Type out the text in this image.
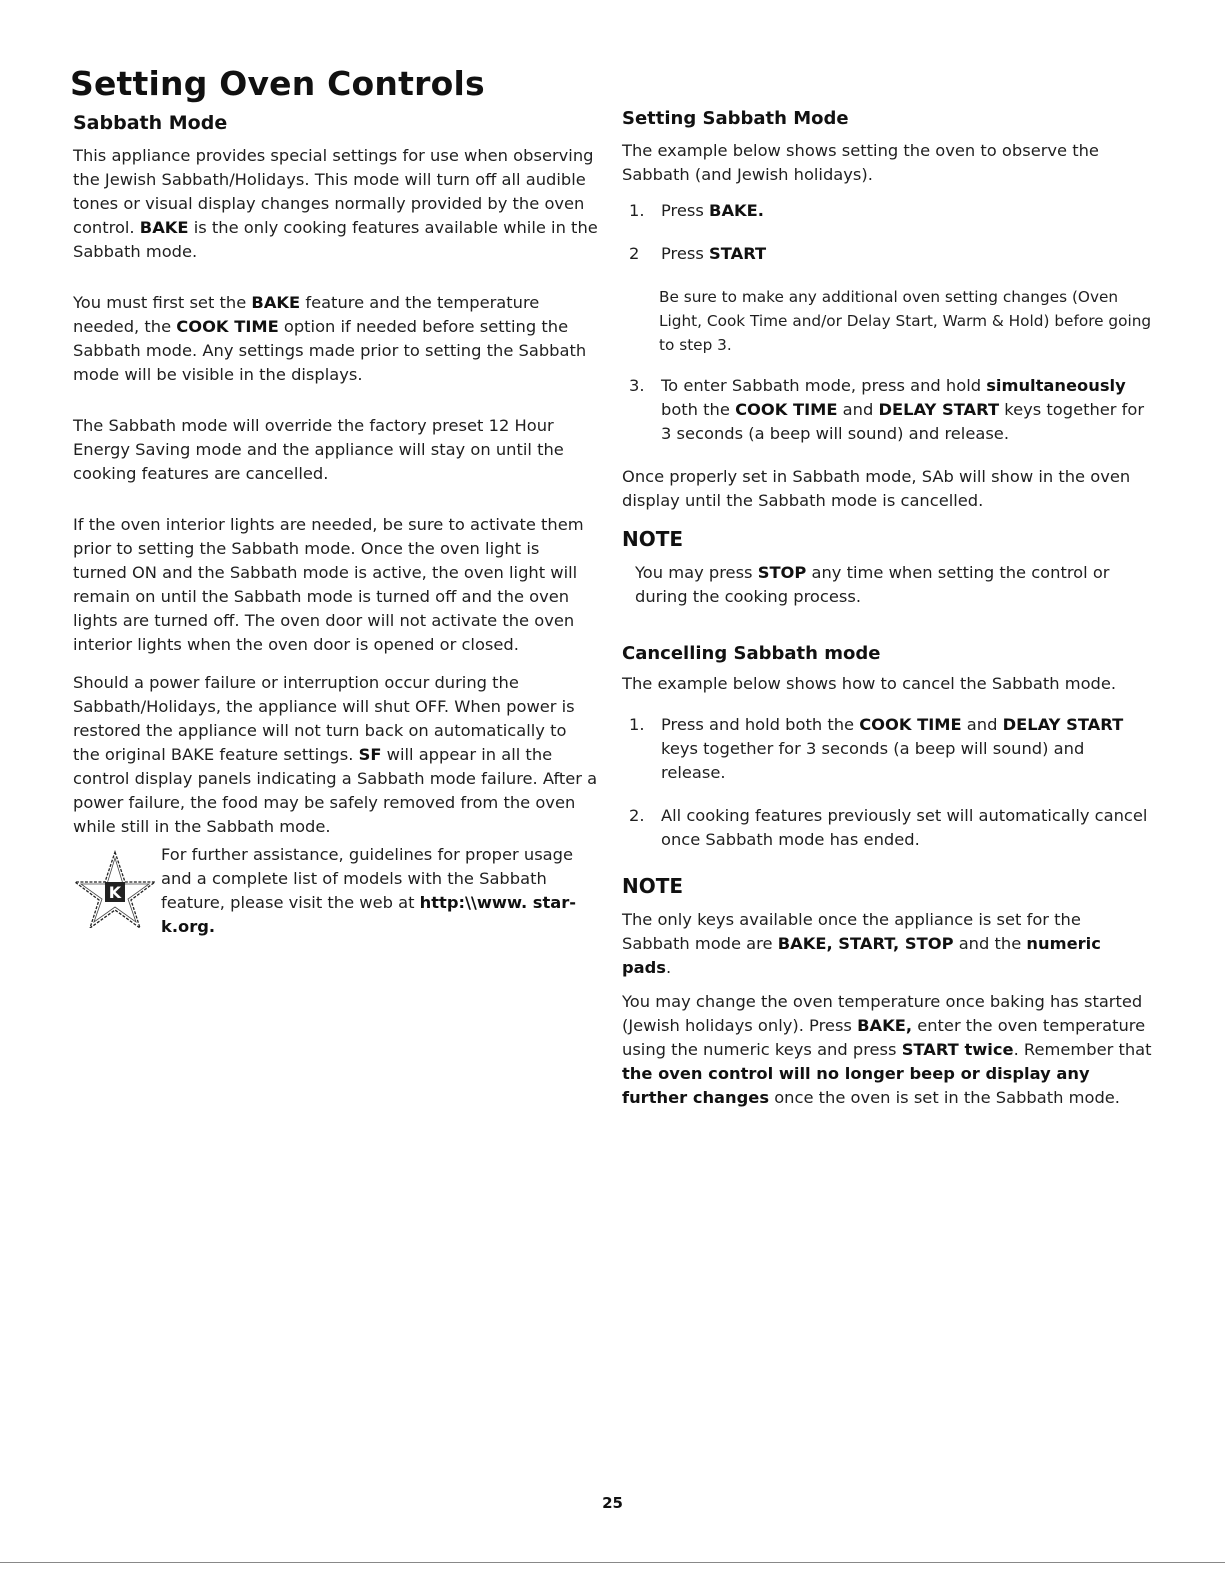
Setting Oven Controls
Sabbath Mode

This appliance provides special settings for use when observing the Jewish Sabbath/Holidays. This mode will turn off all audible tones or visual display changes normally provided by the oven control. BAKE is the only cooking features available while in the Sabbath mode.

You must first set the BAKE feature and the temperature needed, the COOK TIME option if needed before setting the Sabbath mode. Any settings made prior to setting the Sabbath mode will be visible in the displays.

The Sabbath mode will override the factory preset 12 Hour Energy Saving mode and the appliance will stay on until the cooking features are cancelled.

If the oven interior lights are needed, be sure to activate them prior to setting the Sabbath mode. Once the oven light is turned ON and the Sabbath mode is active, the oven light will remain on until the Sabbath mode is turned off and the oven lights are turned off. The oven door will not activate the oven interior lights when the oven door is opened or closed.

Should a power failure or interruption occur during the Sabbath/Holidays, the appliance will shut OFF. When power is restored the appliance will not turn back on automatically to the original BAKE feature settings. SF will appear in all the control display panels indicating a Sabbath mode failure. After a power failure, the food may be safely removed from the oven while still in the Sabbath mode.

K
For further assistance, guidelines for proper usage and a complete list of models with the Sabbath feature, please visit the web at http:\\www. star-k.org.
Setting Sabbath Mode

The example below shows setting the oven to observe the Sabbath (and Jewish holidays).

1.	Press BAKE.
2	Press START

Be sure to make any additional oven setting changes (Oven Light, Cook Time and/or Delay Start, Warm & Hold) before going to step 3.

3.	To enter Sabbath mode, press and hold simultaneously both the COOK TIME and DELAY START keys together for 3 seconds (a beep will sound) and release.

Once properly set in Sabbath mode, SAb will show in the oven display until the Sabbath mode is cancelled.

NOTE

You may press STOP any time when setting the control or during the cooking process.

Cancelling Sabbath mode

The example below shows how to cancel the Sabbath mode.

1.	Press and hold both the COOK TIME and DELAY START keys together for 3 seconds (a beep will sound) and release.
2.	All cooking features previously set will automatically cancel once Sabbath mode has ended.
NOTE

The only keys available once the appliance is set for the Sabbath mode are BAKE, START, STOP and the numeric pads.

You may change the oven temperature once baking has started (Jewish holidays only). Press BAKE, enter the oven temperature using the numeric keys and press START twice. Remember that the oven control will no longer beep or display any further changes once the oven is set in the Sabbath mode.

25
